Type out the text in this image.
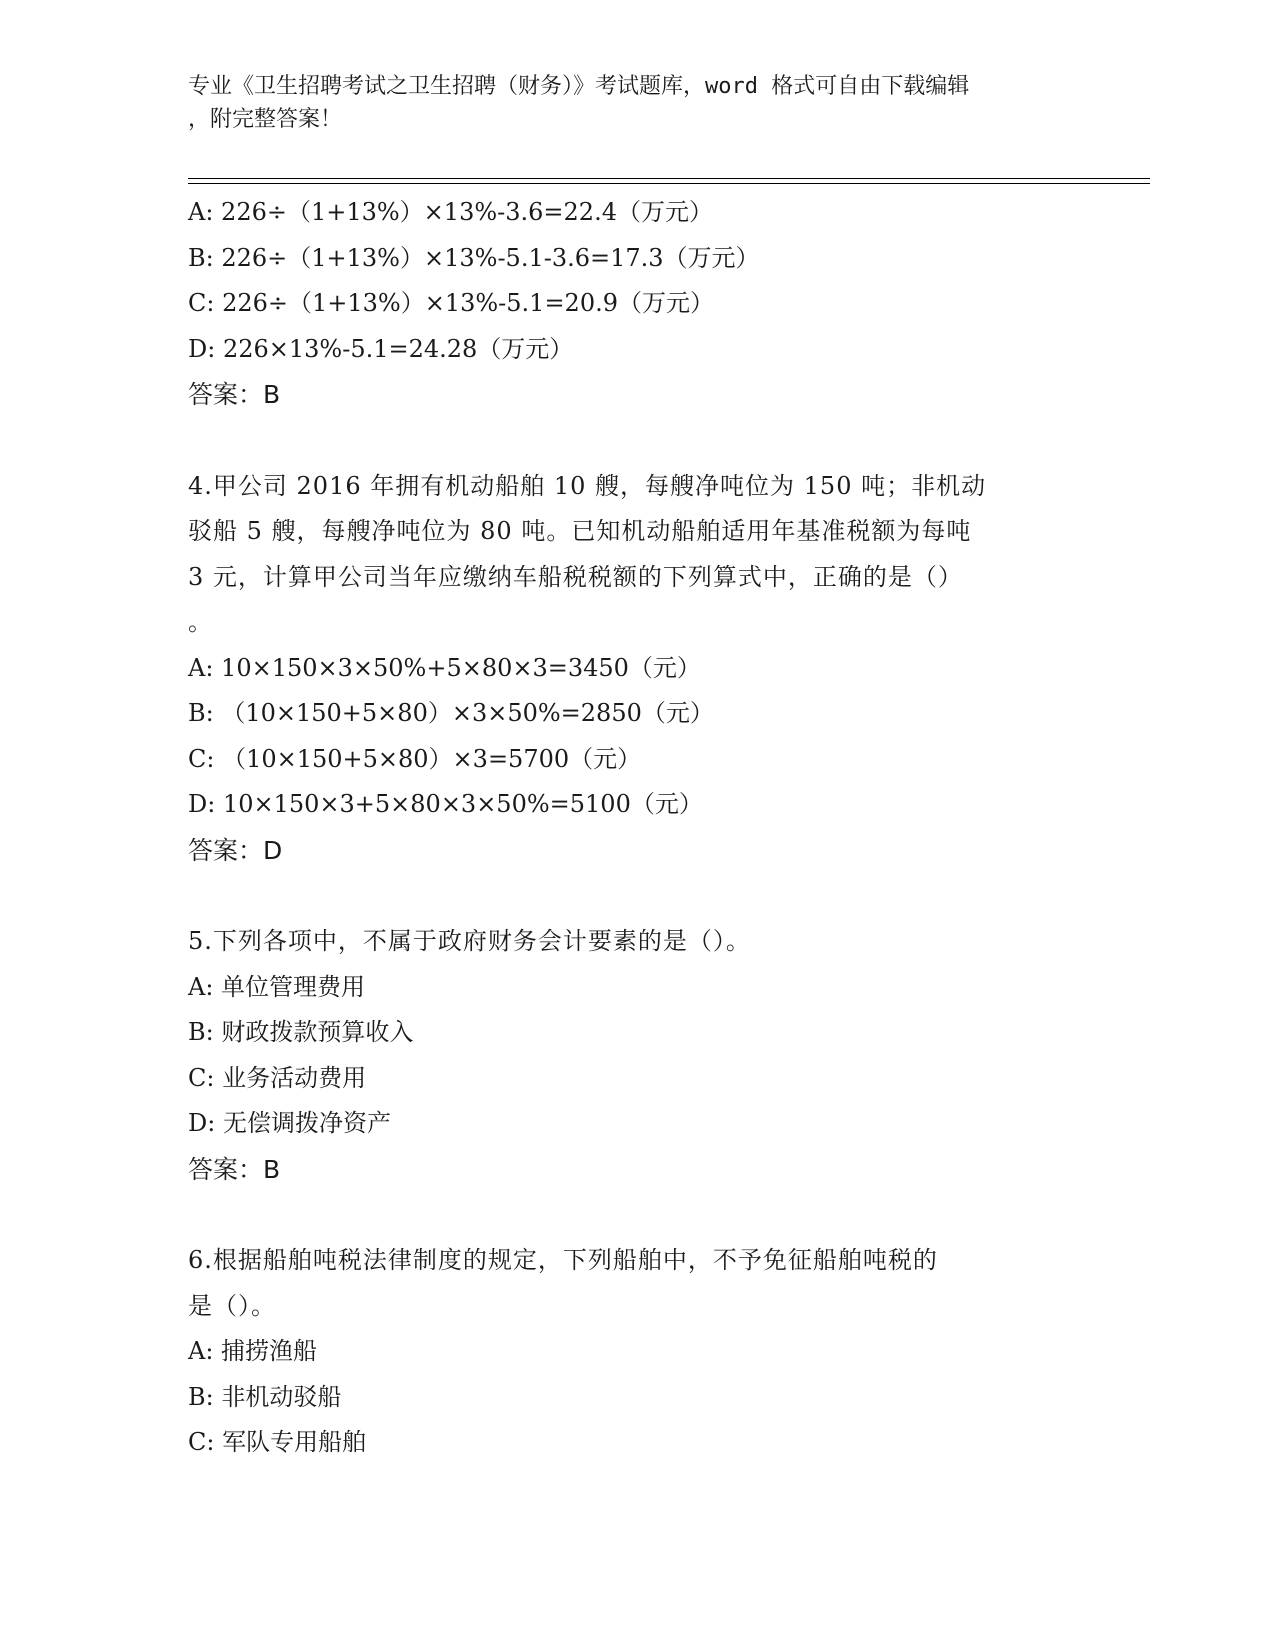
专业《卫生招聘考试之卫生招聘（财务）》考试题库，word 格式可自由下载编辑
，附完整答案！
A: 226÷（1+13%）×13%-3.6=22.4（万元）
B: 226÷（1+13%）×13%-5.1-3.6=17.3（万元）
C: 226÷（1+13%）×13%-5.1=20.9（万元）
D: 226×13%-5.1=24.28（万元）
答案：B
4.甲公司 2016 年拥有机动船舶 10 艘，每艘净吨位为 150 吨；非机动
驳船 5 艘，每艘净吨位为 80 吨。已知机动船舶适用年基准税额为每吨
3 元，计算甲公司当年应缴纳车船税税额的下列算式中，正确的是（）
。
A: 10×150×3×50%+5×80×3=3450（元）
B: （10×150+5×80）×3×50%=2850（元）
C: （10×150+5×80）×3=5700（元）
D: 10×150×3+5×80×3×50%=5100（元）
答案：D
5.下列各项中，不属于政府财务会计要素的是（）。
A: 单位管理费用
B: 财政拨款预算收入
C: 业务活动费用
D: 无偿调拨净资产
答案：B
6.根据船舶吨税法律制度的规定，下列船舶中，不予免征船舶吨税的
是（）。
A: 捕捞渔船
B: 非机动驳船
C: 军队专用船舶
